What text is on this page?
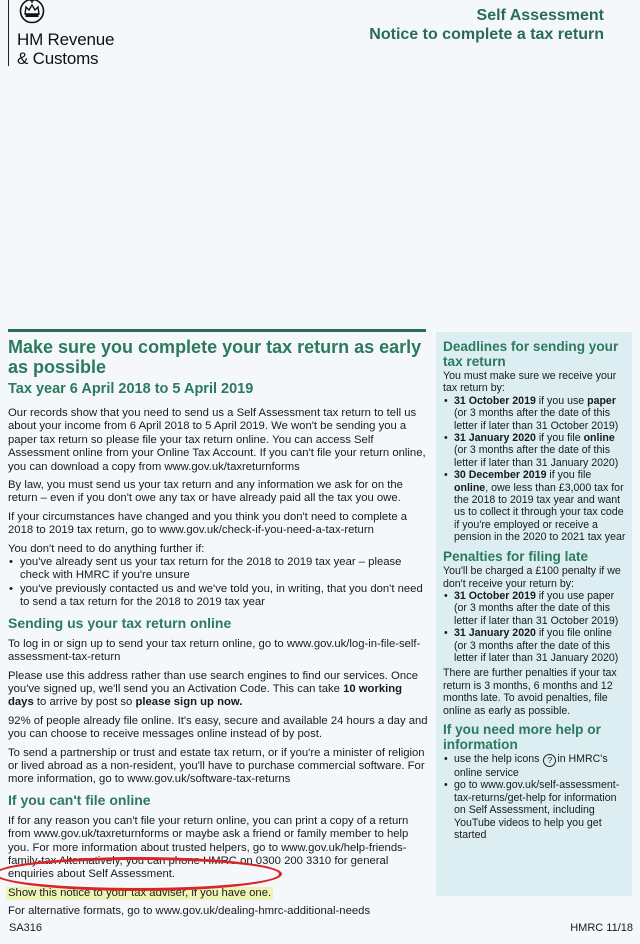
HM Revenue
& Customs
Self Assessment
Notice to complete a tax return
Make sure you complete your tax return as early as possible
Tax year 6 April 2018 to 5 April 2019

Our records show that you need to send us a Self Assessment tax return to tell us about your income from 6 April 2018 to 5 April 2019. We won't be sending you a paper tax return so please file your tax return online. You can access Self Assessment online from your Online Tax Account. If you can't file your return online, you can download a copy from www.gov.uk/taxreturnforms

By law, you must send us your tax return and any information we ask for on the return – even if you don't owe any tax or have already paid all the tax you owe.

If your circumstances have changed and you think you don't need to complete a 2018 to 2019 tax return, go to www.gov.uk/check-if-you-need-a-tax-return

You don't need to do anything further if:

• you've already sent us your tax return for the 2018 to 2019 tax year – please check with HMRC if you're unsure
• you've previously contacted us and we've told you, in writing, that you don't need to send a tax return for the 2018 to 2019 tax year
Sending us your tax return online

To log in or sign up to send your tax return online, go to www.gov.uk/log-in-file-self-assessment-tax-return

Please use this address rather than use search engines to find our services. Once you've signed up, we'll send you an Activation Code. This can take 10 working days to arrive by post so please sign up now.

92% of people already file online. It's easy, secure and available 24 hours a day and you can choose to receive messages online instead of by post.

To send a partnership or trust and estate tax return, or if you're a minister of religion or lived abroad as a non-resident, you'll have to purchase commercial software. For more information, go to www.gov.uk/software-tax-returns

If you can't file online

If for any reason you can't file your return online, you can print a copy of a return from www.gov.uk/taxreturnforms or maybe ask a friend or family member to help you. For more information about trusted helpers, go to www.gov.uk/help-friends-family-tax Alternatively, you can phone HMRC on 0300 200 3310 for general enquiries about Self Assessment.

Show this notice to your tax adviser, if you have one.

For alternative formats, go to www.gov.uk/dealing-hmrc-additional-needs

Deadlines for sending your tax return

You must make sure we receive your tax return by:

• 31 October 2019 if you use paper (or 3 months after the date of this letter if later than 31 October 2019)
• 31 January 2020 if you file online (or 3 months after the date of this letter if later than 31 January 2020)
• 30 December 2019 if you file online, owe less than £3,000 tax for the 2018 to 2019 tax year and want us to collect it through your tax code if you're employed or receive a pension in the 2020 to 2021 tax year
Penalties for filing late

You'll be charged a £100 penalty if we don't receive your return by:

• 31 October 2019 if you use paper (or 3 months after the date of this letter if later than 31 October 2019)
• 31 January 2020 if you file online (or 3 months after the date of this letter if later than 31 January 2020)

There are further penalties if your tax return is 3 months, 6 months and 12 months late. To avoid penalties, file online as early as possible.

If you need more help or information
• use the help icons ? in HMRC's online service
• go to www.gov.uk/self-assessment-tax-returns/get-help for information on Self Assessment, including YouTube videos to help you get started
SA316	HMRC 11/18
